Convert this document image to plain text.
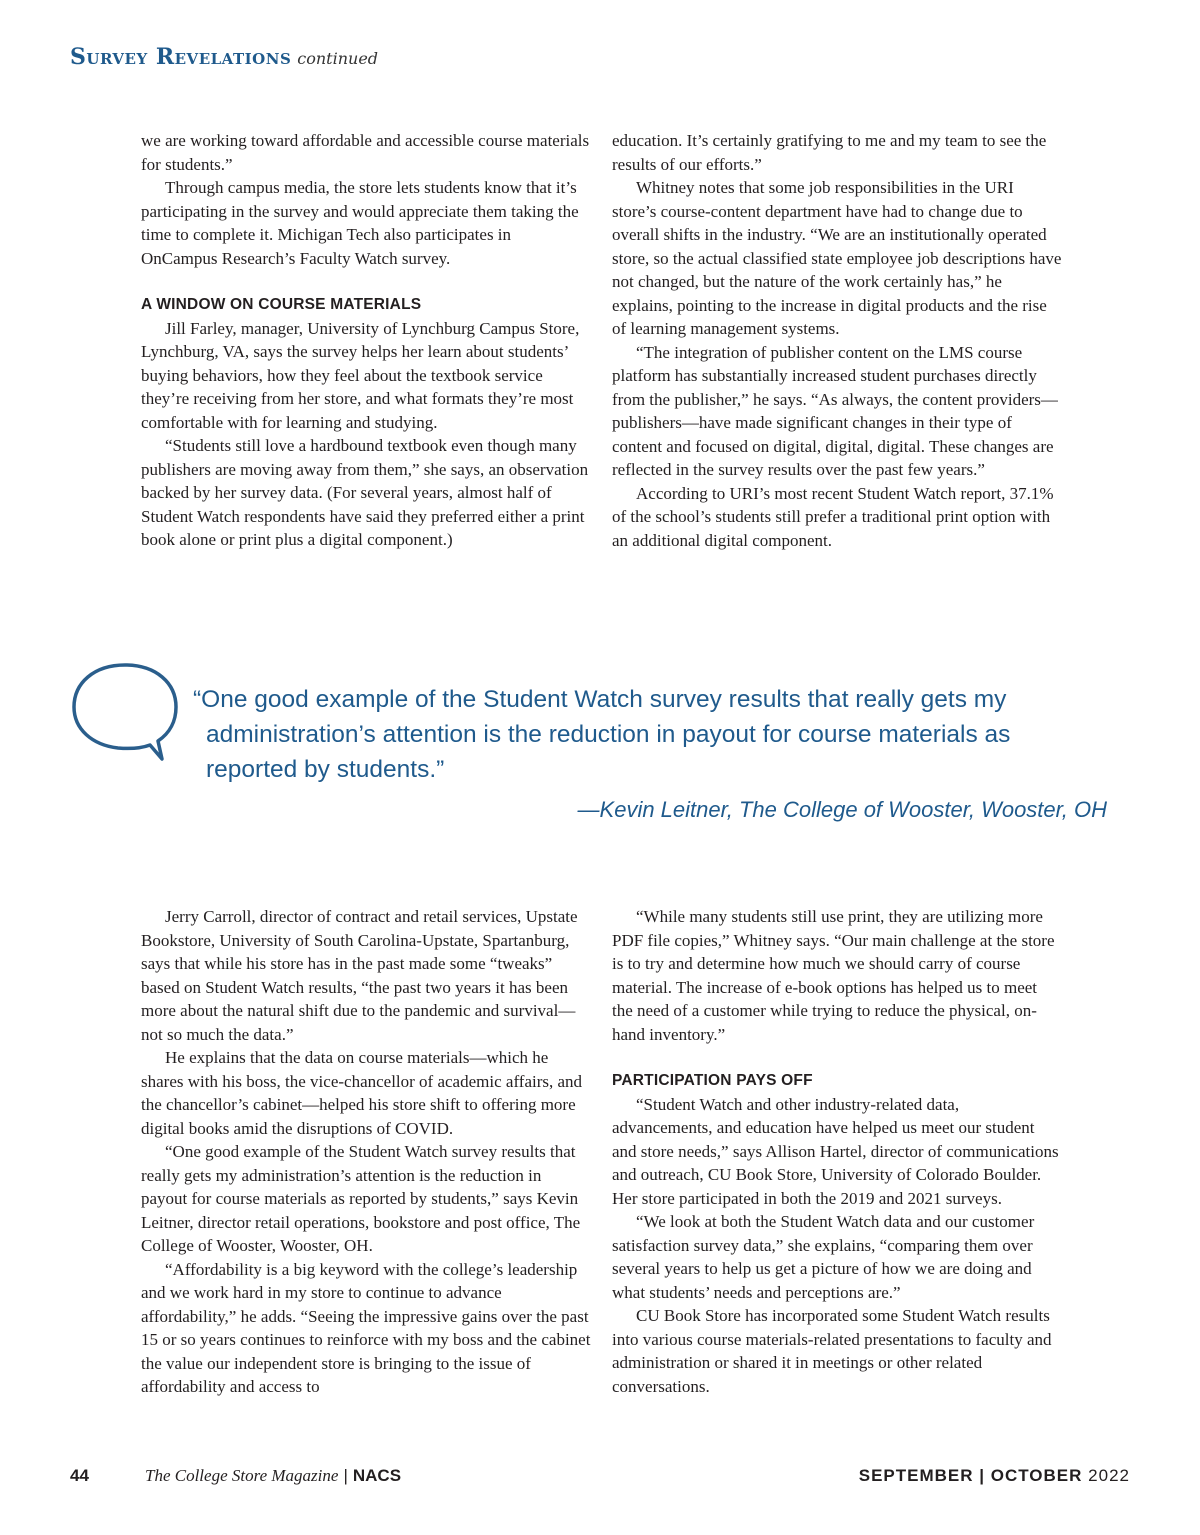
Survey Revelations continued

we are working toward affordable and accessible course materials for students.”

Through campus media, the store lets students know that it’s participating in the survey and would appreciate them taking the time to complete it. Michigan Tech also participates in OnCampus Research’s Faculty Watch survey.

A WINDOW ON COURSE MATERIALS

Jill Farley, manager, University of Lynchburg Campus Store, Lynchburg, VA, says the survey helps her learn about students’ buying behaviors, how they feel about the textbook service they’re receiving from her store, and what formats they’re most comfortable with for learning and studying.

“Students still love a hardbound textbook even though many publishers are moving away from them,” she says, an observation backed by her survey data. (For several years, almost half of Student Watch respondents have said they preferred either a print book alone or print plus a digital component.)

education. It’s certainly gratifying to me and my team to see the results of our efforts.”

Whitney notes that some job responsibilities in the URI store’s course-content department have had to change due to overall shifts in the industry. “We are an institutionally operated store, so the actual classified state employee job descriptions have not changed, but the nature of the work certainly has,” he explains, pointing to the increase in digital products and the rise of learning management systems.

“The integration of publisher content on the LMS course platform has substantially increased student purchases directly from the publisher,” he says. “As always, the content providers—publishers—have made significant changes in their type of content and focused on digital, digital, digital. These changes are reflected in the survey results over the past few years.”

According to URI’s most recent Student Watch report, 37.1% of the school’s students still prefer a traditional print option with an additional digital component.

“One good example of the Student Watch survey results that really gets my administration’s attention is the reduction in payout for course materials as reported by students.”
—Kevin Leitner, The College of Wooster, Wooster, OH

Jerry Carroll, director of contract and retail services, Upstate Bookstore, University of South Carolina-Upstate, Spartanburg, says that while his store has in the past made some “tweaks” based on Student Watch results, “the past two years it has been more about the natural shift due to the pandemic and survival—not so much the data.”

He explains that the data on course materials—which he shares with his boss, the vice-chancellor of academic affairs, and the chancellor’s cabinet—helped his store shift to offering more digital books amid the disruptions of COVID.

“One good example of the Student Watch survey results that really gets my administration’s attention is the reduction in payout for course materials as reported by students,” says Kevin Leitner, director retail operations, bookstore and post office, The College of Wooster, Wooster, OH.

“Affordability is a big keyword with the college’s leadership and we work hard in my store to continue to advance affordability,” he adds. “Seeing the impressive gains over the past 15 or so years continues to reinforce with my boss and the cabinet the value our independent store is bringing to the issue of affordability and access to

“While many students still use print, they are utilizing more PDF file copies,” Whitney says. “Our main challenge at the store is to try and determine how much we should carry of course material. The increase of e-book options has helped us to meet the need of a customer while trying to reduce the physical, on-hand inventory.”

PARTICIPATION PAYS OFF

“Student Watch and other industry-related data, advancements, and education have helped us meet our student and store needs,” says Allison Hartel, director of communications and outreach, CU Book Store, University of Colorado Boulder. Her store participated in both the 2019 and 2021 surveys.

“We look at both the Student Watch data and our customer satisfaction survey data,” she explains, “comparing them over several years to help us get a picture of how we are doing and what students’ needs and perceptions are.”

CU Book Store has incorporated some Student Watch results into various course materials-related presentations to faculty and administration or shared it in meetings or other related conversations.

44	The College Store Magazine | NACS	SEPTEMBER | OCTOBER 2022
